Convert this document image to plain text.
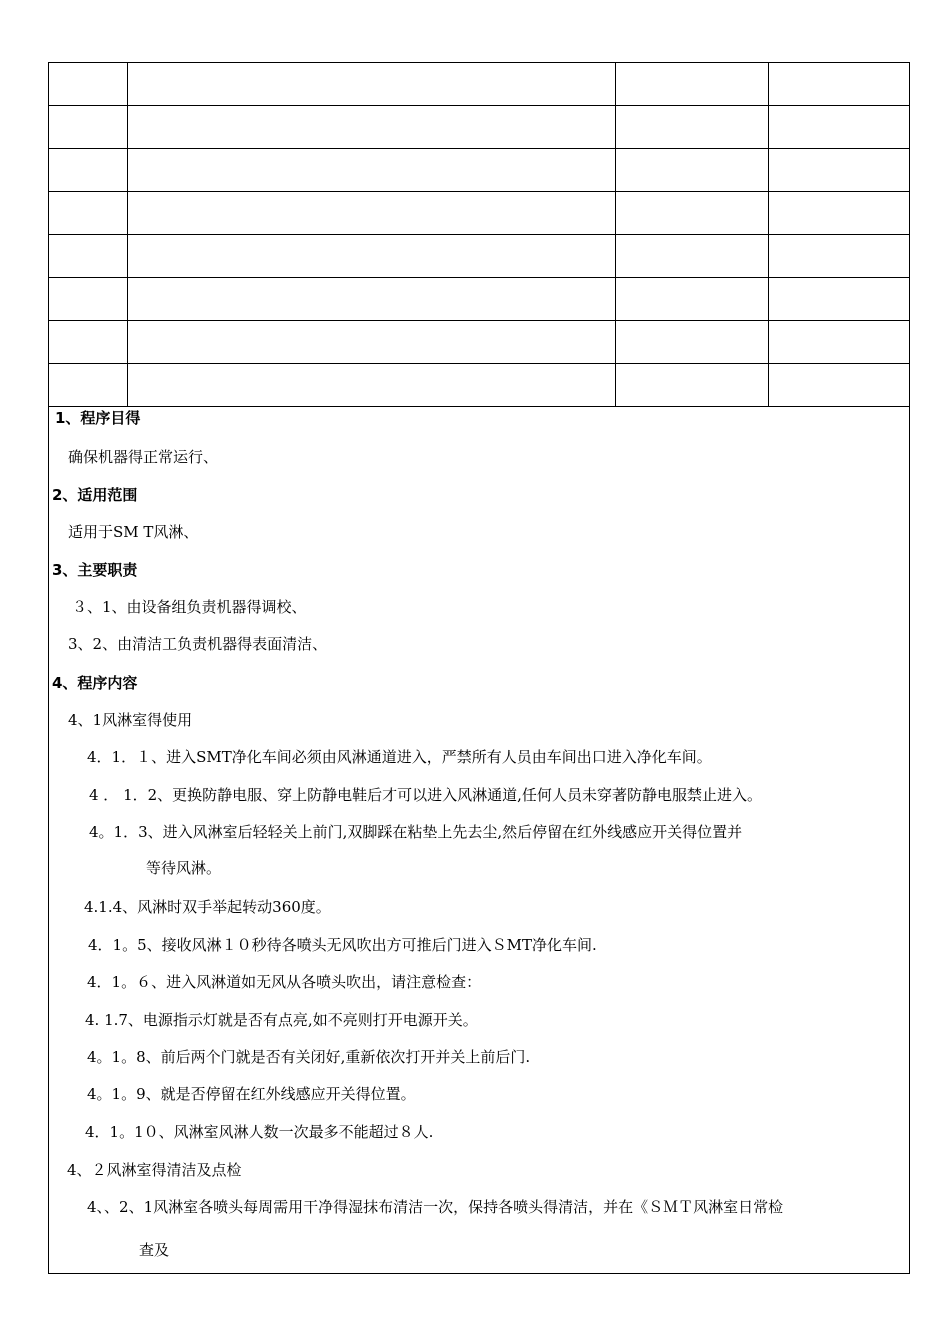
1、程序目得
确保机器得正常运行、
2、适用范围
适用于SM T风淋、
3、主要职责
３、1、由设备组负责机器得调校、
3、2、由清洁工负责机器得表面清洁、
4、程序内容
4、1风淋室得使用
4．1．１、进入SMT净化车间必须由风淋通道进入，严禁所有人员由车间出口进入净化车间。
4 ． 1．2、更换防静电服、穿上防静电鞋后才可以进入风淋通道,任何人员未穿著防静电服禁止进入。
4。1．3、进入风淋室后轻轻关上前门,双脚踩在粘垫上先去尘,然后停留在红外线感应开关得位置并
等待风淋。
4.1.4、风淋时双手举起转动360度。
4．1。5、接收风淋１０秒待各喷头无风吹出方可推后门进入ＳMT净化车间.
4．1。６、进入风淋道如无风从各喷头吹出，请注意检查：
4. 1.7、电源指示灯就是否有点亮,如不亮则打开电源开关。
4。1。8、前后两个门就是否有关闭好,重新依次打开并关上前后门.
4。1。9、就是否停留在红外线感应开关得位置。
4．1。1０、风淋室风淋人数一次最多不能超过８人.
4、２风淋室得清洁及点检
4、、2、1风淋室各喷头每周需用干净得湿抹布清洁一次，保持各喷头得清洁，并在《ＳＭＴ风淋室日常检
查及
